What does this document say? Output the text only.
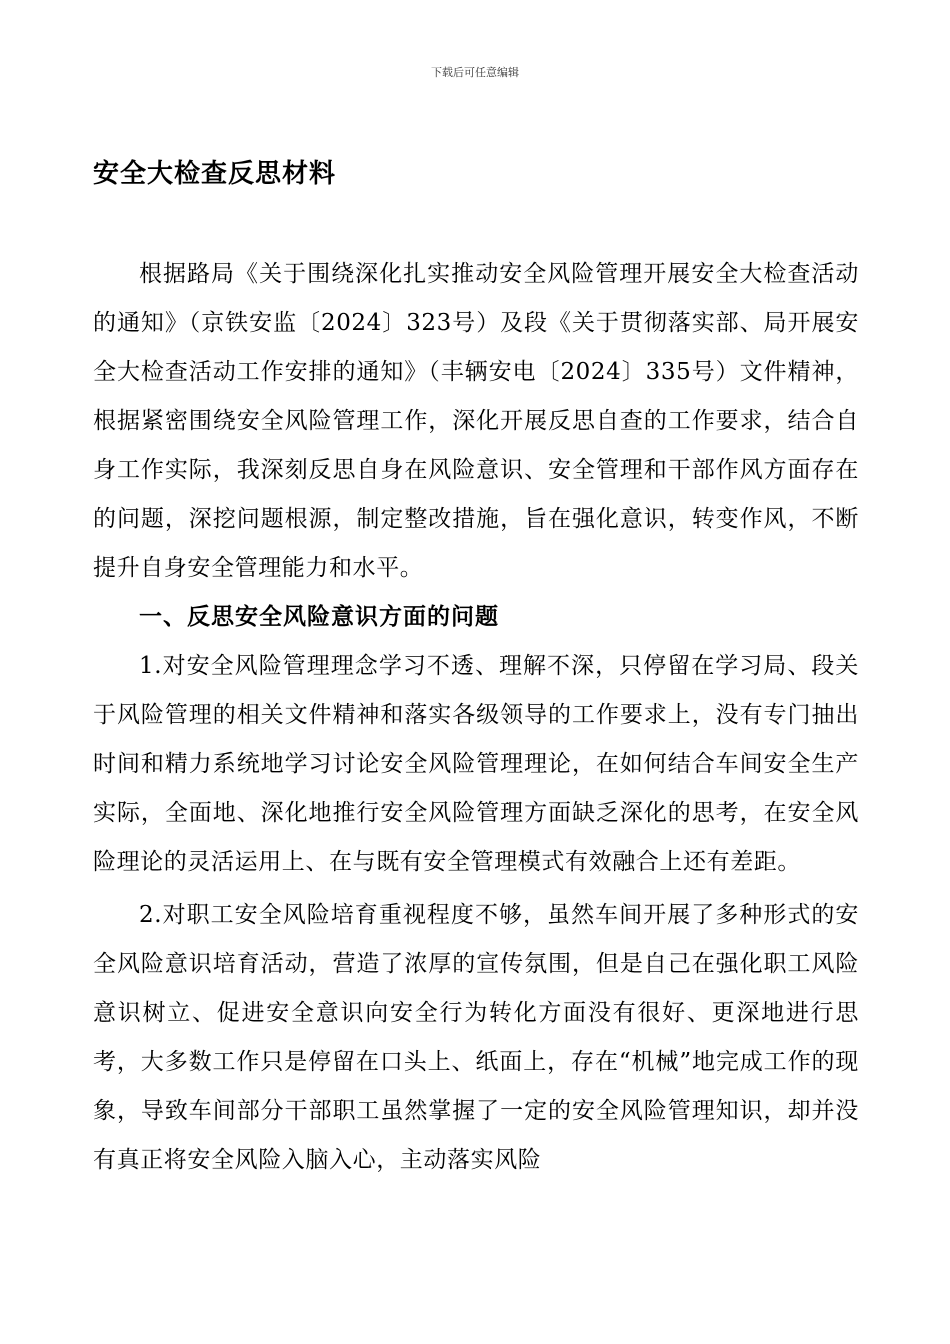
下载后可任意编辑
安全大检查反思材料

根据路局《关于围绕深化扎实推动安全风险管理开展安全大检查活动的通知》（京铁安监〔2024〕323号）及段《关于贯彻落实部、局开展安全大检查活动工作安排的通知》（丰辆安电〔2024〕335号）文件精神，根据紧密围绕安全风险管理工作，深化开展反思自查的工作要求，结合自身工作实际，我深刻反思自身在风险意识、安全管理和干部作风方面存在的问题，深挖问题根源，制定整改措施，旨在强化意识，转变作风，不断提升自身安全管理能力和水平。

一、反思安全风险意识方面的问题

1.对安全风险管理理念学习不透、理解不深，只停留在学习局、段关于风险管理的相关文件精神和落实各级领导的工作要求上，没有专门抽出时间和精力系统地学习讨论安全风险管理理论，在如何结合车间安全生产实际，全面地、深化地推行安全风险管理方面缺乏深化的思考，在安全风险理论的灵活运用上、在与既有安全管理模式有效融合上还有差距。

2.对职工安全风险培育重视程度不够，虽然车间开展了多种形式的安全风险意识培育活动，营造了浓厚的宣传氛围，但是自己在强化职工风险意识树立、促进安全意识向安全行为转化方面没有很好、更深地进行思考，大多数工作只是停留在口头上、纸面上，存在“机械”地完成工作的现象，导致车间部分干部职工虽然掌握了一定的安全风险管理知识，却并没有真正将安全风险入脑入心，主动落实风险
